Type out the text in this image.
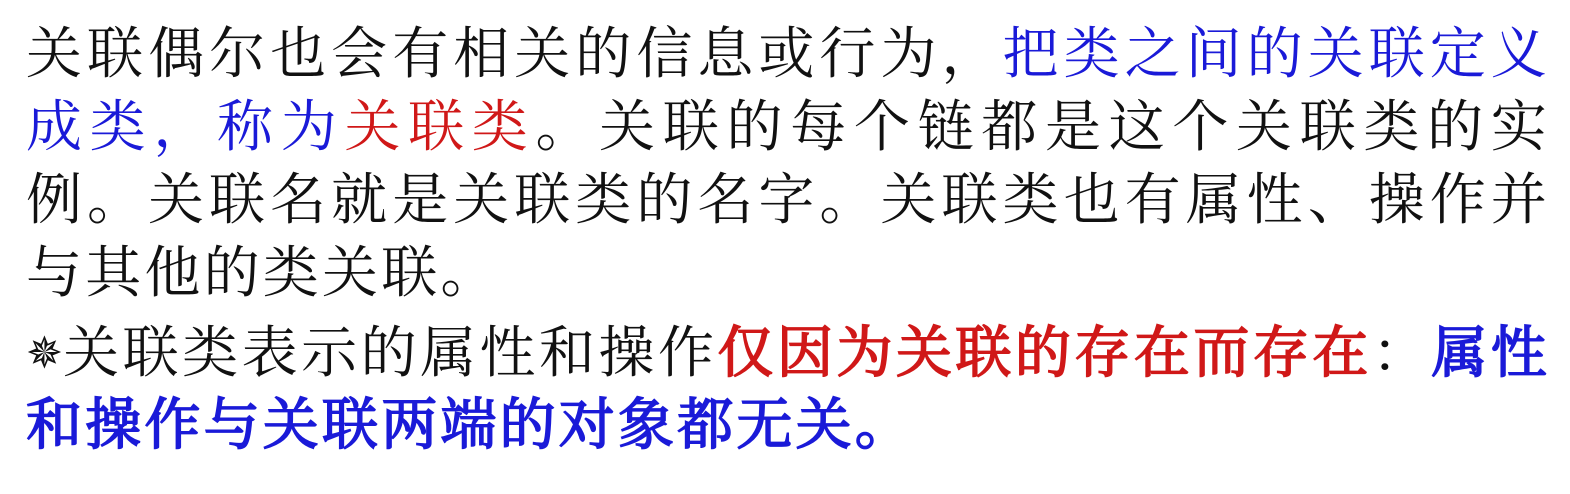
关联偶尔也会有相关的信息或行为，把类之间的关联定义成类，称为关联类。关联的每个链都是这个关联类的实例。关联名就是关联类的名字。关联类也有属性、操作并与其他的类关联。

✵关联类表示的属性和操作仅因为关联的存在而存在：属性和操作与关联两端的对象都无关。
